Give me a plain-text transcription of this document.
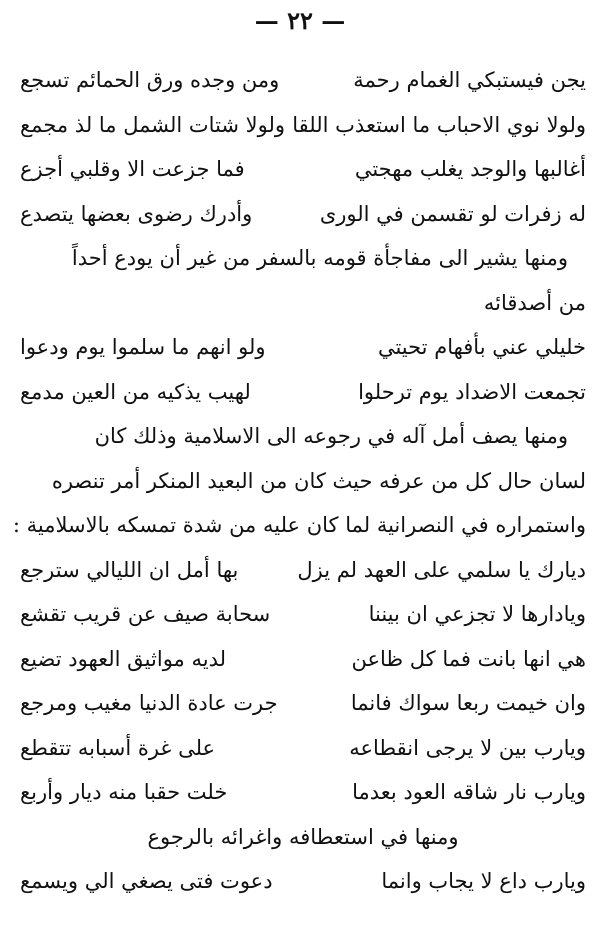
— ٢٢ —
يجن فيستبكي الغمام رحمة
ومن وجده ورق الحمائم تسجع
ولولا نوي الاحباب ما استعذب اللقا
ولولا شتات الشمل ما لذ مجمع
أغالبها والوجد يغلب مهجتي
فما جزعت الا وقلبي أجزع
له زفرات لو تقسمن في الورى
وأدرك رضوى بعضها يتصدع
ومنها يشير الى مفاجأة قومه بالسفر من غير أن يودع أحداً
من أصدقائه
خليلي عني بأفهام تحيتي
ولو انهم ما سلموا يوم ودعوا
تجمعت الاضداد يوم ترحلوا
لهيب يذكيه من العين مدمع
ومنها يصف أمل آله في رجوعه الى الاسلامية وذلك كان
لسان حال كل من عرفه حيث كان من البعيد المنكر أمر تنصره
واستمراره في النصرانية لما كان عليه من شدة تمسكه بالاسلامية :
ديارك يا سلمي على العهد لم يزل
بها أمل ان الليالي سترجع
ويادارها لا تجزعي ان بيننا
سحابة صيف عن قريب تقشع
هي انها بانت فما كل ظاعن
لديه مواثيق العهود تضيع
وان خيمت ربعا سواك فانما
جرت عادة الدنيا مغيب ومرجع
ويارب بين لا يرجى انقطاعه
على غرة أسبابه تتقطع
ويارب نار شاقه العود بعدما
خلت حقبا منه ديار وأربع
ومنها في استعطافه واغرائه بالرجوع
ويارب داع لا يجاب وانما
دعوت فتى يصغي الي ويسمع
